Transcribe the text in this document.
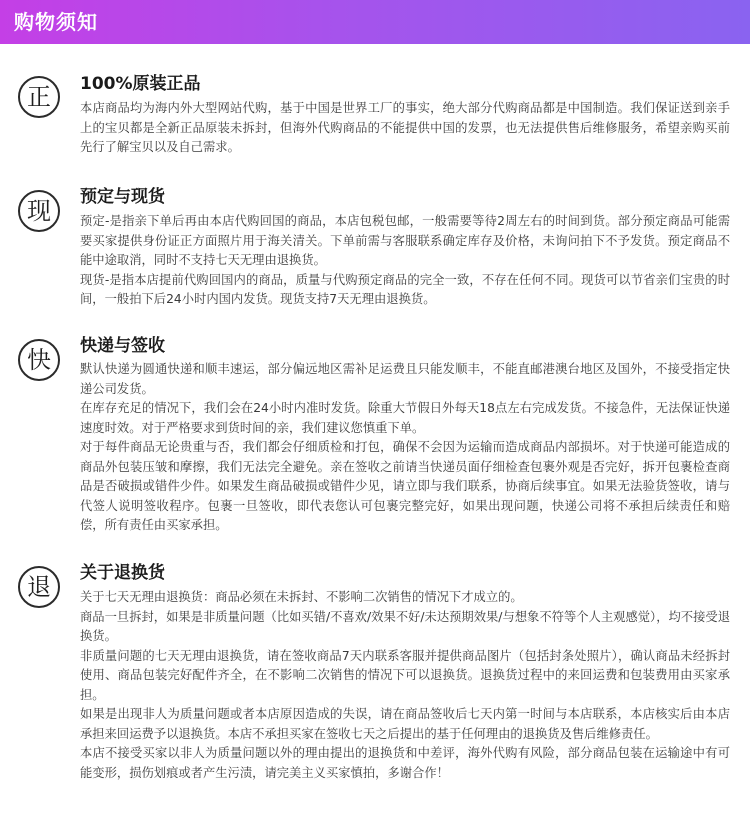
购物须知
正	100%原装正品

本店商品均为海内外大型网站代购，基于中国是世界工厂的事实，绝大部分代购商品都是中国制造。我们保证送到亲手上的宝贝都是全新正品原装未拆封，但海外代购商品的不能提供中国的发票，也无法提供售后维修服务，希望亲购买前先行了解宝贝以及自己需求。

现	预定与现货

预定-是指亲下单后再由本店代购回国的商品，本店包税包邮，一般需要等待2周左右的时间到货。部分预定商品可能需要买家提供身份证正方面照片用于海关清关。下单前需与客服联系确定库存及价格，未询问拍下不予发货。预定商品不能中途取消，同时不支持七天无理由退换货。

现货-是指本店提前代购回国内的商品，质量与代购预定商品的完全一致，不存在任何不同。现货可以节省亲们宝贵的时间，一般拍下后24小时内国内发货。现货支持7天无理由退换货。

快	快递与签收

默认快递为圆通快递和顺丰速运，部分偏远地区需补足运费且只能发顺丰，不能直邮港澳台地区及国外，不接受指定快递公司发货。

在库存充足的情况下，我们会在24小时内准时发货。除重大节假日外每天18点左右完成发货。不接急件，无法保证快递速度时效。对于严格要求到货时间的亲，我们建议您慎重下单。

对于每件商品无论贵重与否，我们都会仔细质检和打包，确保不会因为运输而造成商品内部损坏。对于快递可能造成的商品外包装压皱和摩擦，我们无法完全避免。亲在签收之前请当快递员面仔细检查包裹外观是否完好，拆开包裹检查商品是否破损或错件少件。如果发生商品破损或错件少见，请立即与我们联系，协商后续事宜。如果无法验货签收，请与代签人说明签收程序。包裹一旦签收，即代表您认可包裹完整完好，如果出现问题，快递公司将不承担后续责任和赔偿，所有责任由买家承担。

退	关于退换货

关于七天无理由退换货：商品必须在未拆封、不影响二次销售的情况下才成立的。

商品一旦拆封，如果是非质量问题（比如买错/不喜欢/效果不好/未达预期效果/与想象不符等个人主观感觉），均不接受退换货。

非质量问题的七天无理由退换货，请在签收商品7天内联系客服并提供商品图片（包括封条处照片），确认商品未经拆封使用、商品包装完好配件齐全，在不影响二次销售的情况下可以退换货。退换货过程中的来回运费和包装费用由买家承担。

如果是出现非人为质量问题或者本店原因造成的失误，请在商品签收后七天内第一时间与本店联系，本店核实后由本店承担来回运费予以退换货。本店不承担买家在签收七天之后提出的基于任何理由的退换货及售后维修责任。

本店不接受买家以非人为质量问题以外的理由提出的退换货和中差评，海外代购有风险，部分商品包装在运输途中有可能变形，损伤划痕或者产生污渍，请完美主义买家慎拍，多谢合作！
